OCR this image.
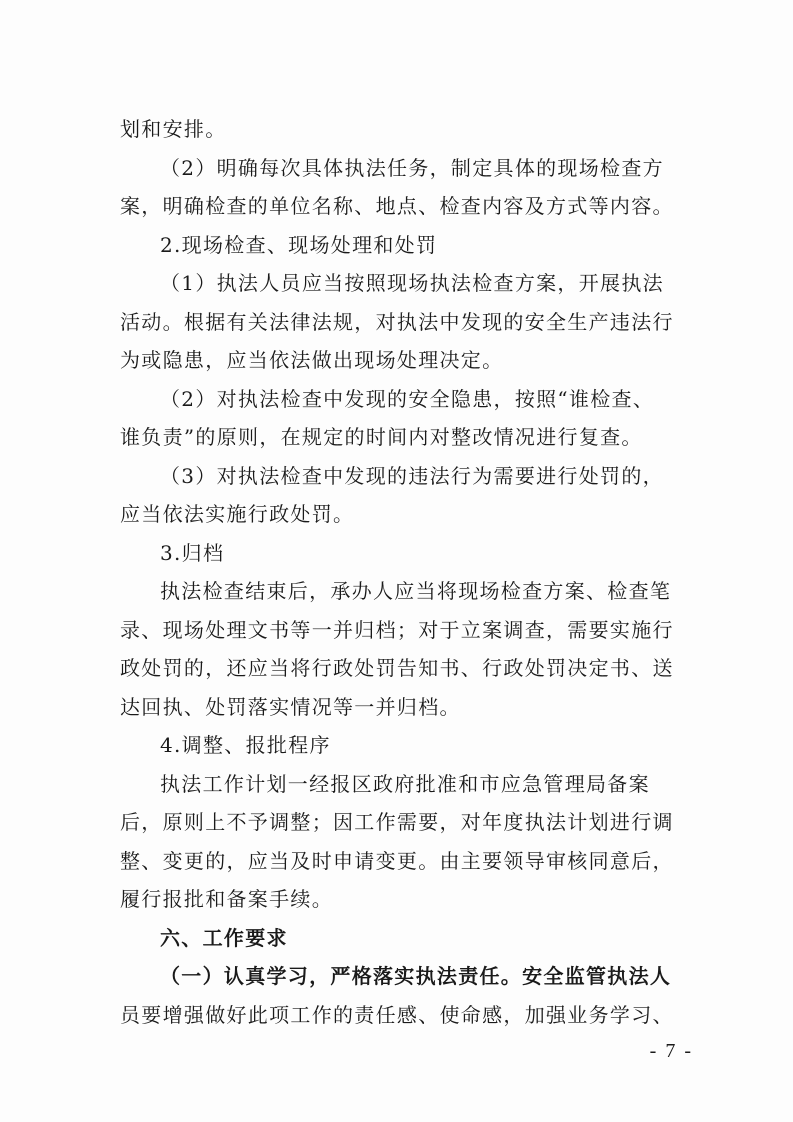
划和安排。
（2）明确每次具体执法任务，制定具体的现场检查方
案，明确检查的单位名称、地点、检查内容及方式等内容。
2.现场检查、现场处理和处罚
（1）执法人员应当按照现场执法检查方案，开展执法
活动。根据有关法律法规，对执法中发现的安全生产违法行
为或隐患，应当依法做出现场处理决定。
（2）对执法检查中发现的安全隐患，按照“谁检查、
谁负责”的原则，在规定的时间内对整改情况进行复查。
（3）对执法检查中发现的违法行为需要进行处罚的，
应当依法实施行政处罚。
3.归档
执法检查结束后，承办人应当将现场检查方案、检查笔
录、现场处理文书等一并归档；对于立案调查，需要实施行
政处罚的，还应当将行政处罚告知书、行政处罚决定书、送
达回执、处罚落实情况等一并归档。
4.调整、报批程序
执法工作计划一经报区政府批准和市应急管理局备案
后，原则上不予调整；因工作需要，对年度执法计划进行调
整、变更的，应当及时申请变更。由主要领导审核同意后，
履行报批和备案手续。
六、工作要求
（一）认真学习，严格落实执法责任。安全监管执法人
员要增强做好此项工作的责任感、使命感，加强业务学习、
- 7 -
